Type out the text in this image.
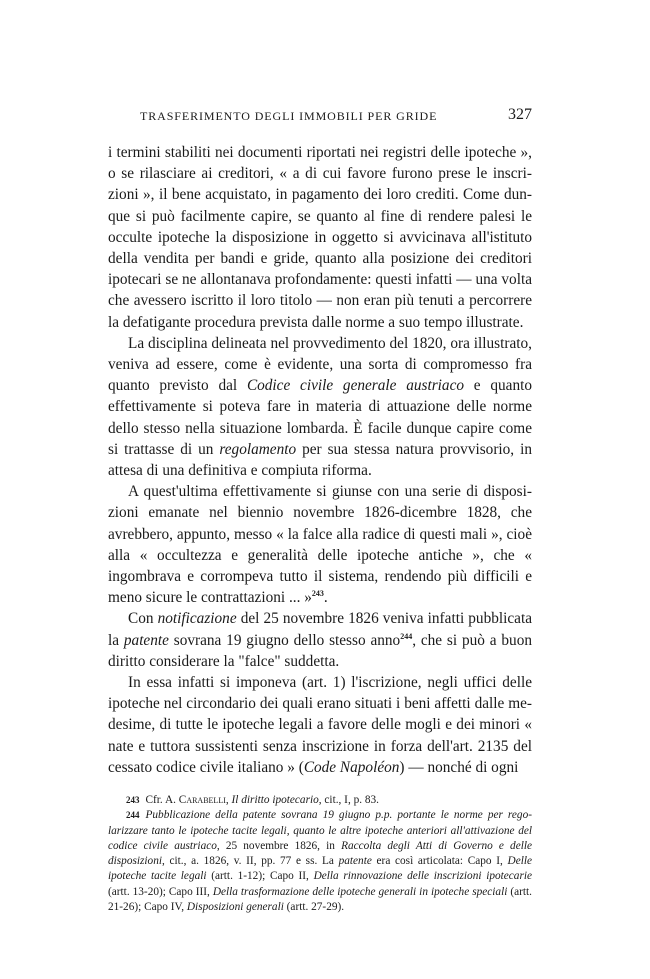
TRASFERIMENTO DEGLI IMMOBILI PER GRIDE	327

i termini stabiliti nei documenti riportati nei registri delle ipoteche », o se rilasciare ai creditori, « a di cui favore furono prese le inscrizioni », il bene acquistato, in pagamento dei loro crediti. Come dunque si può facilmente capire, se quanto al fine di rendere palesi le occulte ipoteche la disposizione in oggetto si avvicinava all'istituto della vendita per bandi e gride, quanto alla posizione dei creditori ipotecari se ne allontanava profondamente: questi infatti — una volta che avessero iscritto il loro titolo — non eran più tenuti a percorrere la defatigante procedura prevista dalle norme a suo tempo illustrate.

La disciplina delineata nel provvedimento del 1820, ora illustrato, veniva ad essere, come è evidente, una sorta di compromesso fra quanto previsto dal Codice civile generale austriaco e quanto effettivamente si poteva fare in materia di attuazione delle norme dello stesso nella situazione lombarda. È facile dunque capire come si trattasse di un regolamento per sua stessa natura provvisorio, in attesa di una definitiva e compiuta riforma.

A quest'ultima effettivamente si giunse con una serie di disposizioni emanate nel biennio novembre 1826-dicembre 1828, che avrebbero, appunto, messo « la falce alla radice di questi mali », cioè alla « occultezza e generalità delle ipoteche antiche », che « ingombrava e corrompeva tutto il sistema, rendendo più difficili e meno sicure le contrattazioni ... »$^{243}$.

Con notificazione del 25 novembre 1826 veniva infatti pubblicata la patente sovrana 19 giugno dello stesso anno$^{244}$, che si può a buon diritto considerare la "falce" suddetta.

In essa infatti si imponeva (art. 1) l'iscrizione, negli uffici delle ipoteche nel circondario dei quali erano situati i beni affetti dalle medesime, di tutte le ipoteche legali a favore delle mogli e dei minori « nate e tuttora sussistenti senza inscrizione in forza dell'art. 2135 del cessato codice civile italiano » (Code Napoléon) — nonché di ogni

243 Cfr. A. Carabelli, Il diritto ipotecario, cit., I, p. 83.

244 Pubblicazione della patente sovrana 19 giugno p.p. portante le norme per regolarizzare tanto le ipoteche tacite legali, quanto le altre ipoteche anteriori all'attivazione del codice civile austriaco, 25 novembre 1826, in Raccolta degli Atti di Governo e delle disposizioni, cit., a. 1826, v. II, pp. 77 e ss. La patente era così articolata: Capo I, Delle ipoteche tacite legali (artt. 1-12); Capo II, Della rinnovazione delle inscrizioni ipotecarie (artt. 13-20); Capo III, Della trasformazione delle ipoteche generali in ipoteche speciali (artt. 21-26); Capo IV, Disposizioni generali (artt. 27-29).
